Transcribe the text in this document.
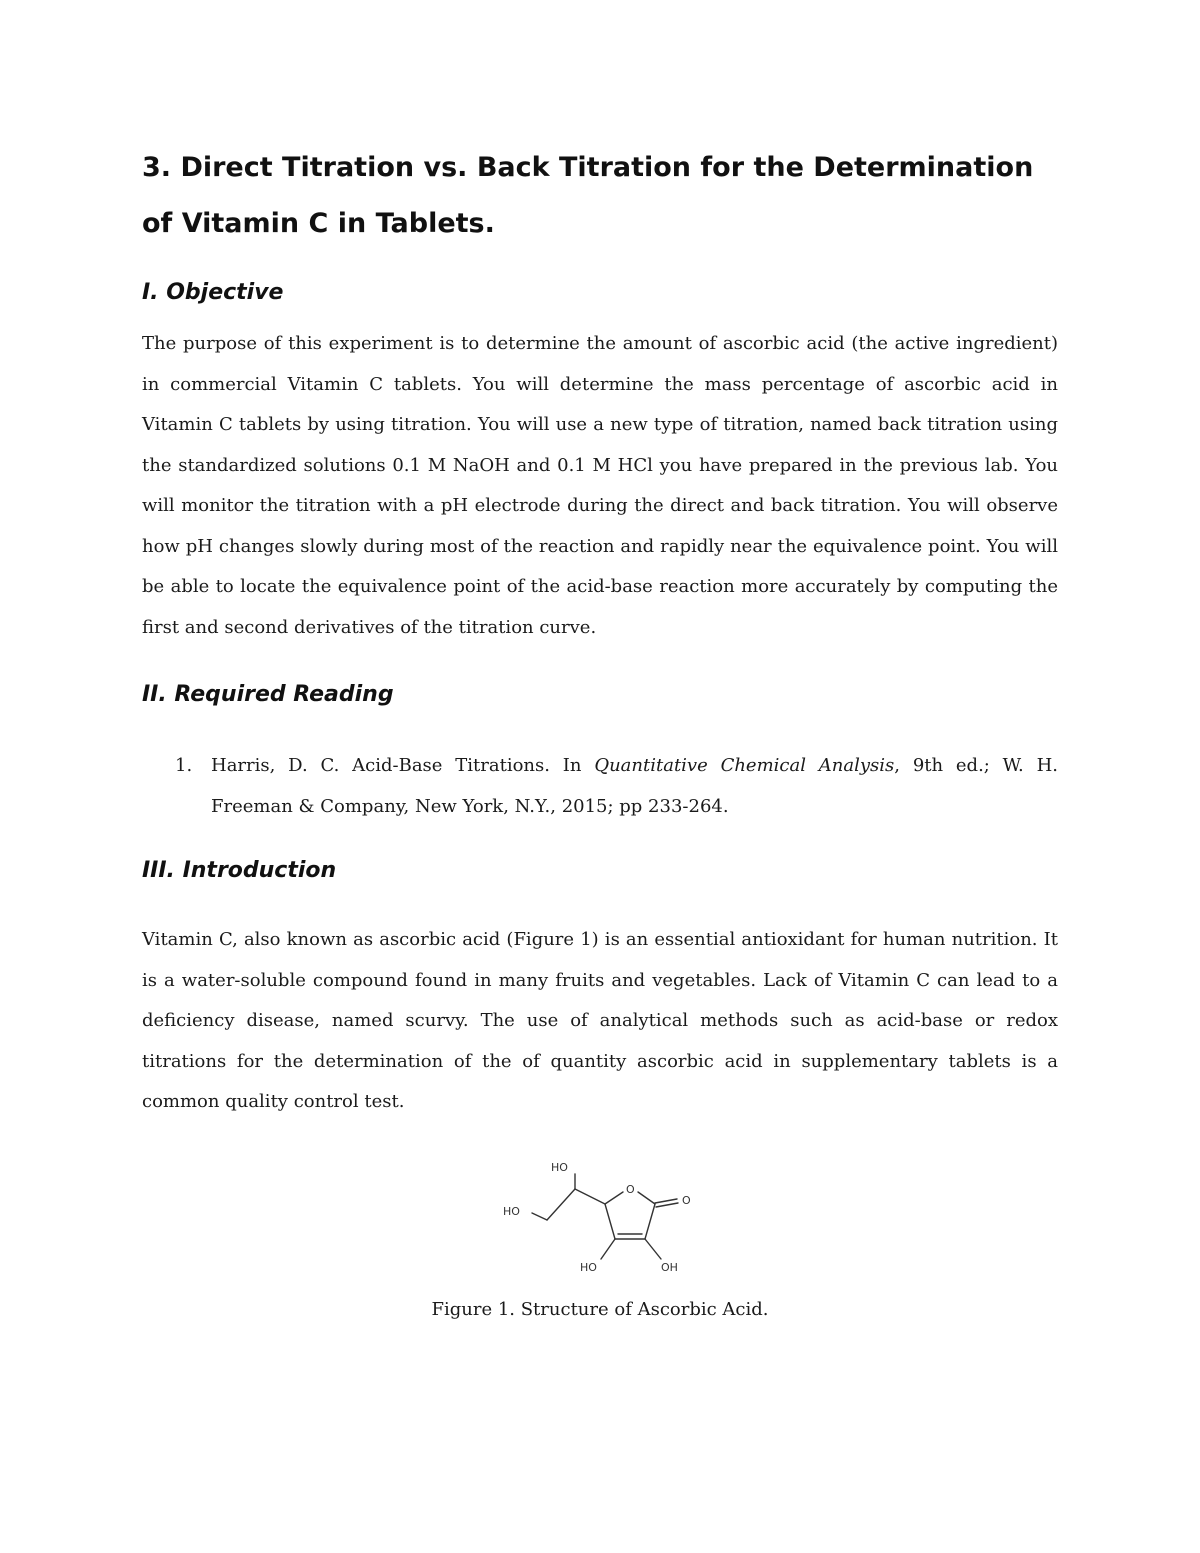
3. Direct Titration vs. Back Titration for the Determination of Vitamin C in Tablets.
I. Objective

The purpose of this experiment is to determine the amount of ascorbic acid (the active ingredient) in commercial Vitamin C tablets. You will determine the mass percentage of ascorbic acid in Vitamin C tablets by using titration. You will use a new type of titration, named back titration using the standardized solutions 0.1 M NaOH and 0.1 M HCl you have prepared in the previous lab. You will monitor the titration with a pH electrode during the direct and back titration. You will observe how pH changes slowly during most of the reaction and rapidly near the equivalence point. You will be able to locate the equivalence point of the acid-base reaction more accurately by computing the first and second derivatives of the titration curve.

II. Required Reading
1. Harris, D. C. Acid-Base Titrations. In Quantitative Chemical Analysis, 9th ed.; W. H. Freeman & Company, New York, N.Y., 2015; pp 233-264.

III. Introduction

Vitamin C, also known as ascorbic acid (Figure 1) is an essential antioxidant for human nutrition. It is a water-soluble compound found in many fruits and vegetables. Lack of Vitamin C can lead to a deficiency disease, named scurvy. The use of analytical methods such as acid-base or redox titrations for the determination of the of quantity ascorbic acid in supplementary tablets is a common quality control test.

HO
HO
O
O
HO	OH

Figure 1. Structure of Ascorbic Acid.
